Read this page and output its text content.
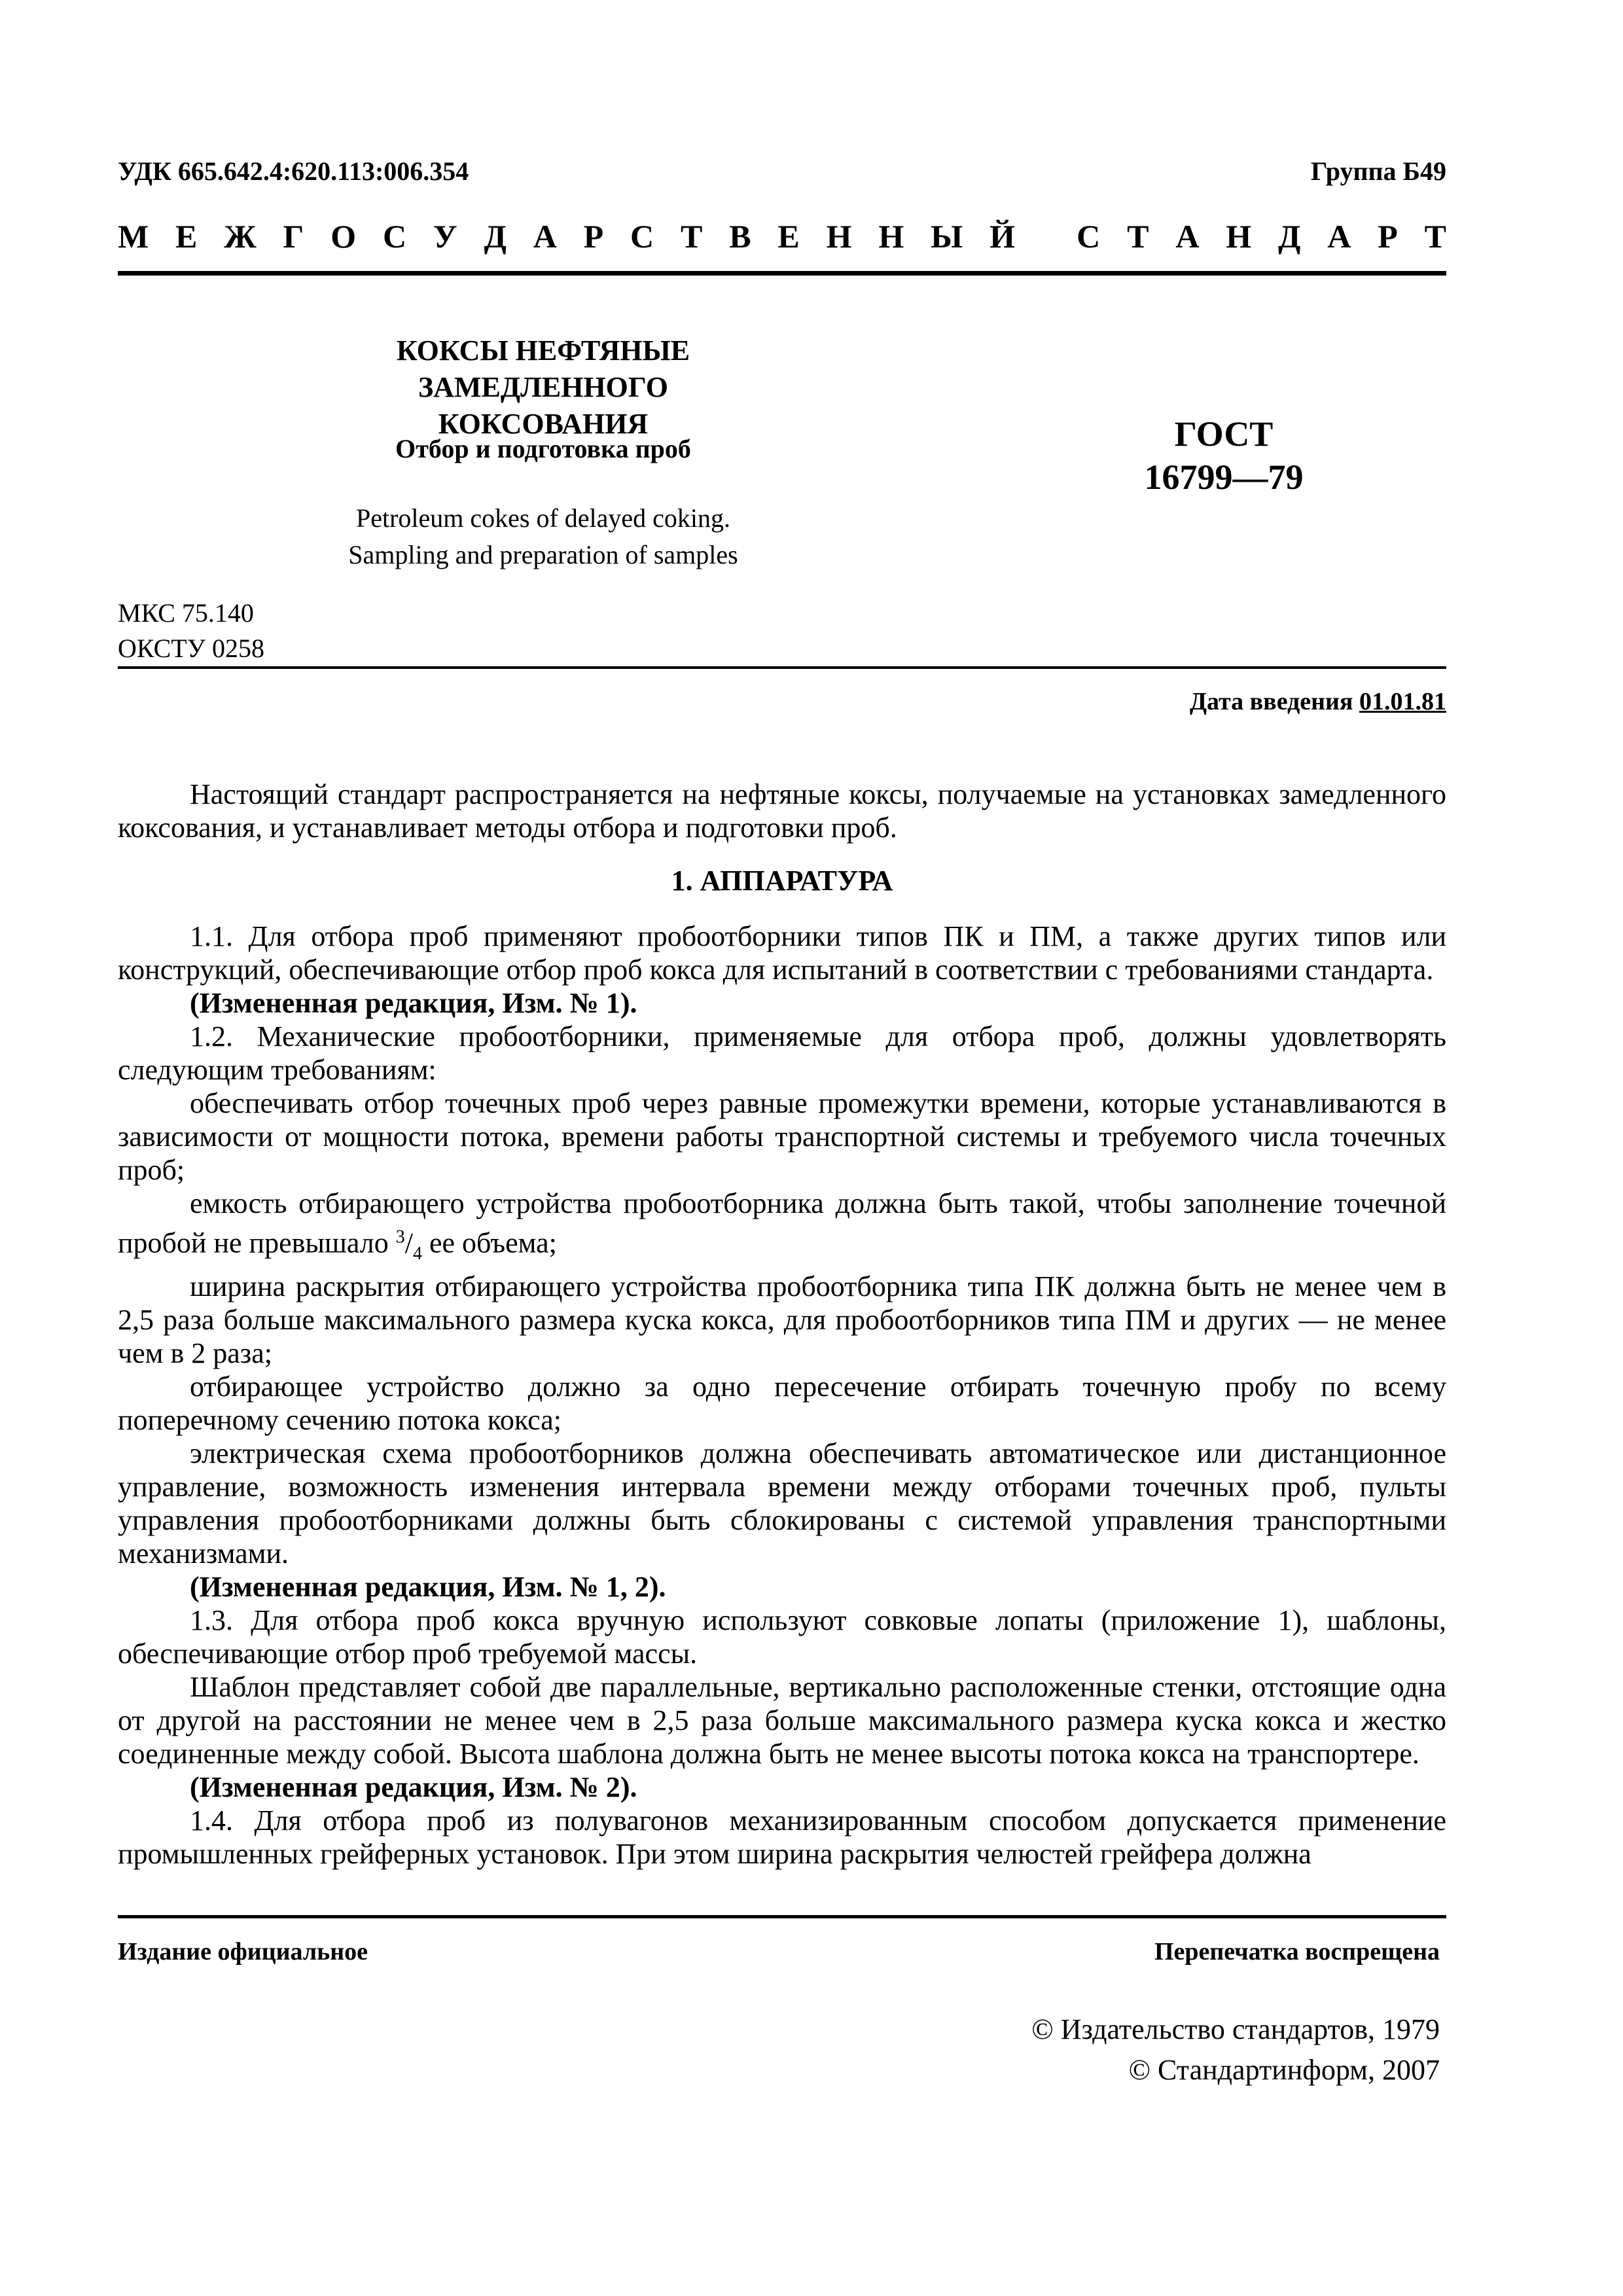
УДК 665.642.4:620.113:006.354	Группа Б49
М Е Ж Г О С У Д А Р С Т В Е Н Н Ы Й
С Т А Н Д А Р Т
КОКСЫ НЕФТЯНЫЕ ЗАМЕДЛЕННОГО
КОКСОВАНИЯ
Отбор и подготовка проб
Petroleum cokes of delayed coking.
Sampling and preparation of samples
ГОСТ
16799—79
МКС 75.140
ОКСТУ 0258
Дата введения 01.01.81

Настоящий стандарт распространяется на нефтяные коксы, получаемые на установках замедленного коксования, и устанавливает методы отбора и подготовки проб.

1. АППАРАТУРА

1.1. Для отбора проб применяют пробоотборники типов ПК и ПМ, а также других типов или конструкций, обеспечивающие отбор проб кокса для испытаний в соответствии с требованиями стандарта.

(Измененная редакция, Изм. № 1).

1.2. Механические пробоотборники, применяемые для отбора проб, должны удовлетворять следующим требованиям:

обеспечивать отбор точечных проб через равные промежутки времени, которые устанавливаются в зависимости от мощности потока, времени работы транспортной системы и требуемого числа точечных проб;

емкость отбирающего устройства пробоотборника должна быть такой, чтобы заполнение точечной пробой не превышало $^3/_4$ ее объема;

ширина раскрытия отбирающего устройства пробоотборника типа ПК должна быть не менее чем в 2,5 раза больше максимального размера куска кокса, для пробоотборников типа ПМ и других — не менее чем в 2 раза;

отбирающее устройство должно за одно пересечение отбирать точечную пробу по всему поперечному сечению потока кокса;

электрическая схема пробоотборников должна обеспечивать автоматическое или дистанционное управление, возможность изменения интервала времени между отборами точечных проб, пульты управления пробоотборниками должны быть сблокированы с системой управления транспортными механизмами.

(Измененная редакция, Изм. № 1, 2).

1.3. Для отбора проб кокса вручную используют совковые лопаты (приложение 1), шаблоны, обеспечивающие отбор проб требуемой массы.

Шаблон представляет собой две параллельные, вертикально расположенные стенки, отстоящие одна от другой на расстоянии не менее чем в 2,5 раза больше максимального размера куска кокса и жестко соединенные между собой. Высота шаблона должна быть не менее высоты потока кокса на транспортере.

(Измененная редакция, Изм. № 2).

1.4. Для отбора проб из полувагонов механизированным способом допускается применение промышленных грейферных установок. При этом ширина раскрытия челюстей грейфера должна

Издание официальное	Перепечатка воспрещена
© Издательство стандартов, 1979
© Стандартинформ, 2007
